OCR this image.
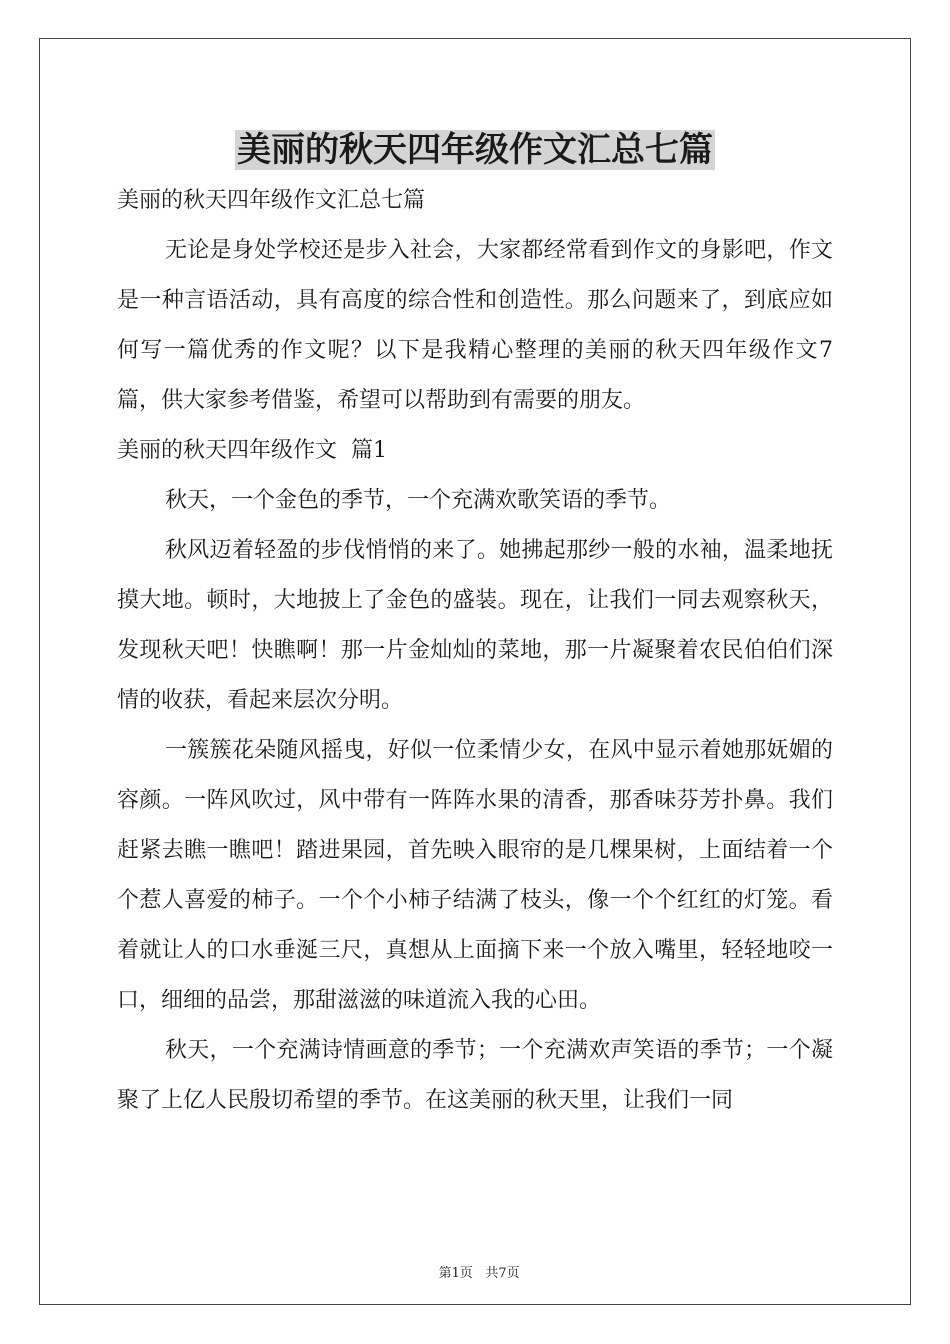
美丽的秋天四年级作文汇总七篇

美丽的秋天四年级作文汇总七篇

无论是身处学校还是步入社会，大家都经常看到作文的身影吧，作文是一种言语活动，具有高度的综合性和创造性。那么问题来了，到底应如何写一篇优秀的作文呢？以下是我精心整理的美丽的秋天四年级作文7篇，供大家参考借鉴，希望可以帮助到有需要的朋友。

美丽的秋天四年级作文  篇1

秋天，一个金色的季节，一个充满欢歌笑语的季节。

秋风迈着轻盈的步伐悄悄的来了。她拂起那纱一般的水袖，温柔地抚摸大地。顿时，大地披上了金色的盛装。现在，让我们一同去观察秋天，发现秋天吧！快瞧啊！那一片金灿灿的菜地，那一片凝聚着农民伯伯们深情的收获，看起来层次分明。

一簇簇花朵随风摇曳，好似一位柔情少女，在风中显示着她那妩媚的容颜。一阵风吹过，风中带有一阵阵水果的清香，那香味芬芳扑鼻。我们赶紧去瞧一瞧吧！踏进果园，首先映入眼帘的是几棵果树，上面结着一个个惹人喜爱的柿子。一个个小柿子结满了枝头，像一个个红红的灯笼。看着就让人的口水垂涎三尺，真想从上面摘下来一个放入嘴里，轻轻地咬一口，细细的品尝，那甜滋滋的味道流入我的心田。

秋天，一个充满诗情画意的季节；一个充满欢声笑语的季节；一个凝聚了上亿人民殷切希望的季节。在这美丽的秋天里，让我们一同

第1页   共7页
